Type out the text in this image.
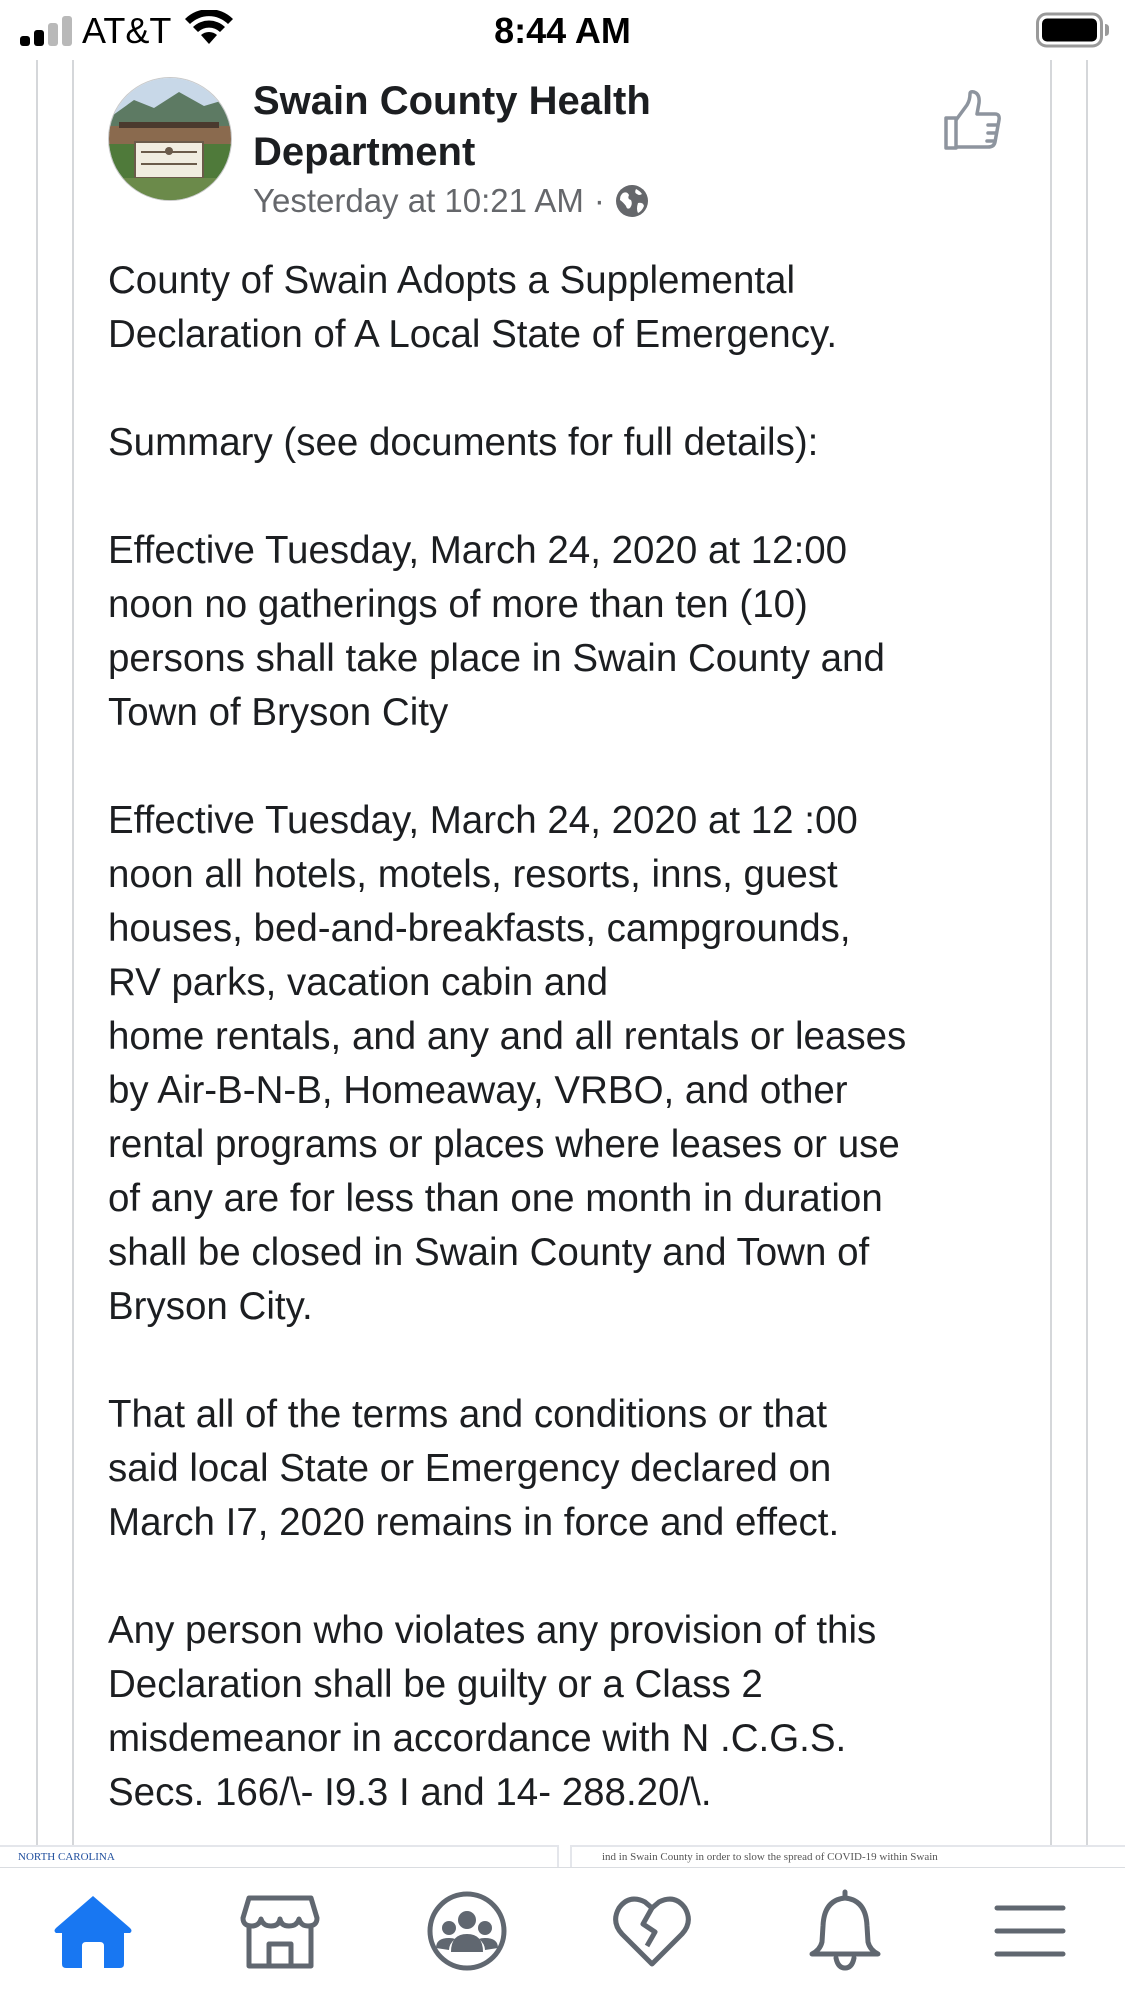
AT&T	8:44 AM
Swain County Health Department
Yesterday at 10:21 AM ·

County of Swain Adopts a Supplemental
Declaration of A Local State of Emergency.

Summary (see documents for full details):

Effective Tuesday, March 24, 2020 at 12:00
noon no gatherings of more than ten (10)
persons shall take place in Swain County and
Town of Bryson City

Effective Tuesday, March 24, 2020 at 12 :00
noon all hotels, motels, resorts, inns, guest
houses, bed-and-breakfasts, campgrounds,
RV parks, vacation cabin and
home rentals, and any and all rentals or leases
by Air-B-N-B, Homeaway, VRBO, and other
rental programs or places where leases or use
of any are for less than one month in duration
shall be closed in Swain County and Town of
Bryson City.

That all of the terms and conditions or that
said local State or Emergency declared on
March I7, 2020 remains in force and effect.

Any person who violates any provision of this
Declaration shall be guilty or a Class 2
misdemeanor in accordance with N .C.G.S.
Secs. 166/\- I9.3 I and 14- 288.20/\.

NORTH CAROLINA	ind in Swain County in order to slow the spread of COVID-19 within Swain
